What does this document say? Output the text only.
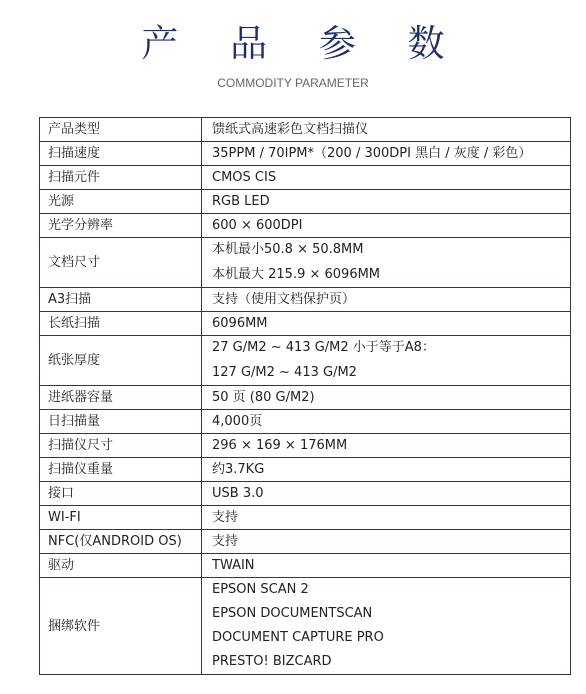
产 品 参 数
COMMODITY PARAMETER
产品类型	馈纸式高速彩色文档扫描仪
扫描速度	35PPM / 70IPM*（200 / 300DPI 黑白 / 灰度 / 彩色）
扫描元件	CMOS CIS
光源	RGB LED
光学分辨率	600 × 600DPI
文档尺寸	本机最小50.8 × 50.8MM
本机最大 215.9 × 6096MM

A3扫描	支持（使用文档保护页）
长纸扫描	6096MM
纸张厚度	27 G/M2 ~ 413 G/M2 小于等于A8：
127 G/M2 ~ 413 G/M2

进纸器容量	50 页 (80 G/M2)
日扫描量	4,000页
扫描仪尺寸	296 × 169 × 176MM
扫描仪重量	约3.7KG
接口	USB 3.0
WI-FI	支持
NFC(仅ANDROID OS)	支持
驱动	TWAIN
捆绑软件	EPSON SCAN 2
EPSON DOCUMENTSCAN
DOCUMENT CAPTURE PRO
PRESTO! BIZCARD
